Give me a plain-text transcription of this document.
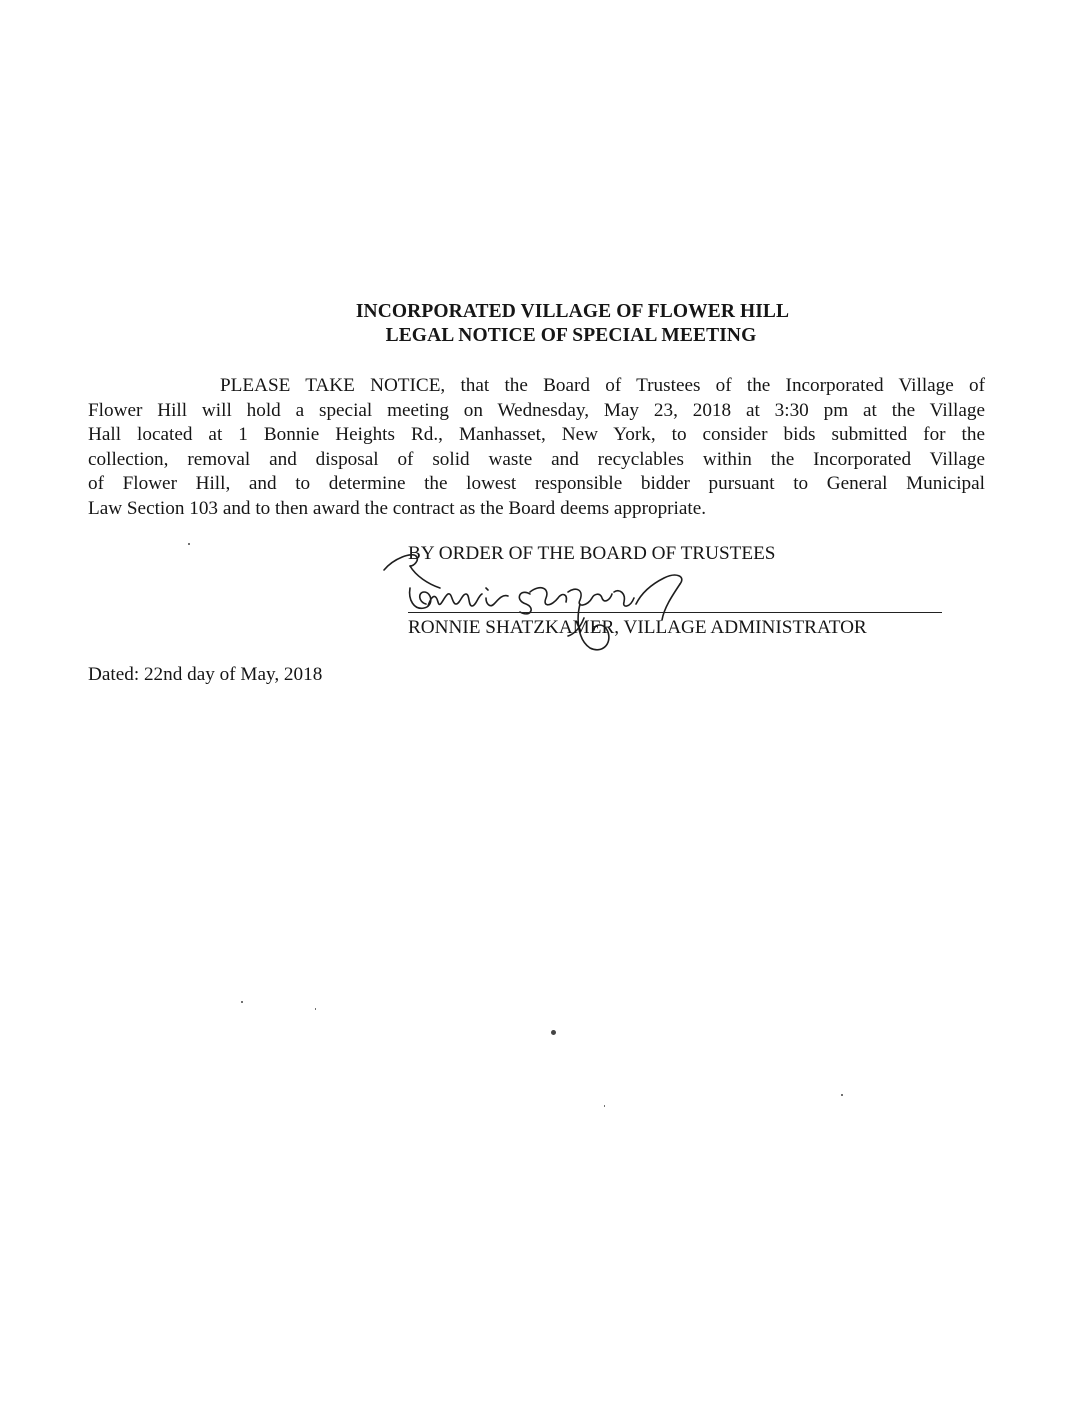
INCORPORATED VILLAGE OF FLOWER HILL
LEGAL NOTICE OF SPECIAL MEETING
PLEASE TAKE NOTICE, that the Board of Trustees of the Incorporated Village of
Flower Hill will hold a special meeting on Wednesday, May 23, 2018 at 3:30 pm at the Village
Hall located at 1 Bonnie Heights Rd., Manhasset, New York, to consider bids submitted for the
collection, removal and disposal of solid waste and recyclables within the Incorporated Village
of Flower Hill, and to determine the lowest responsible bidder pursuant to General Municipal
Law Section 103 and to then award the contract as the Board deems appropriate.
BY ORDER OF THE BOARD OF TRUSTEES
RONNIE SHATZKAMER, VILLAGE ADMINISTRATOR
Dated: 22nd day of May, 2018
